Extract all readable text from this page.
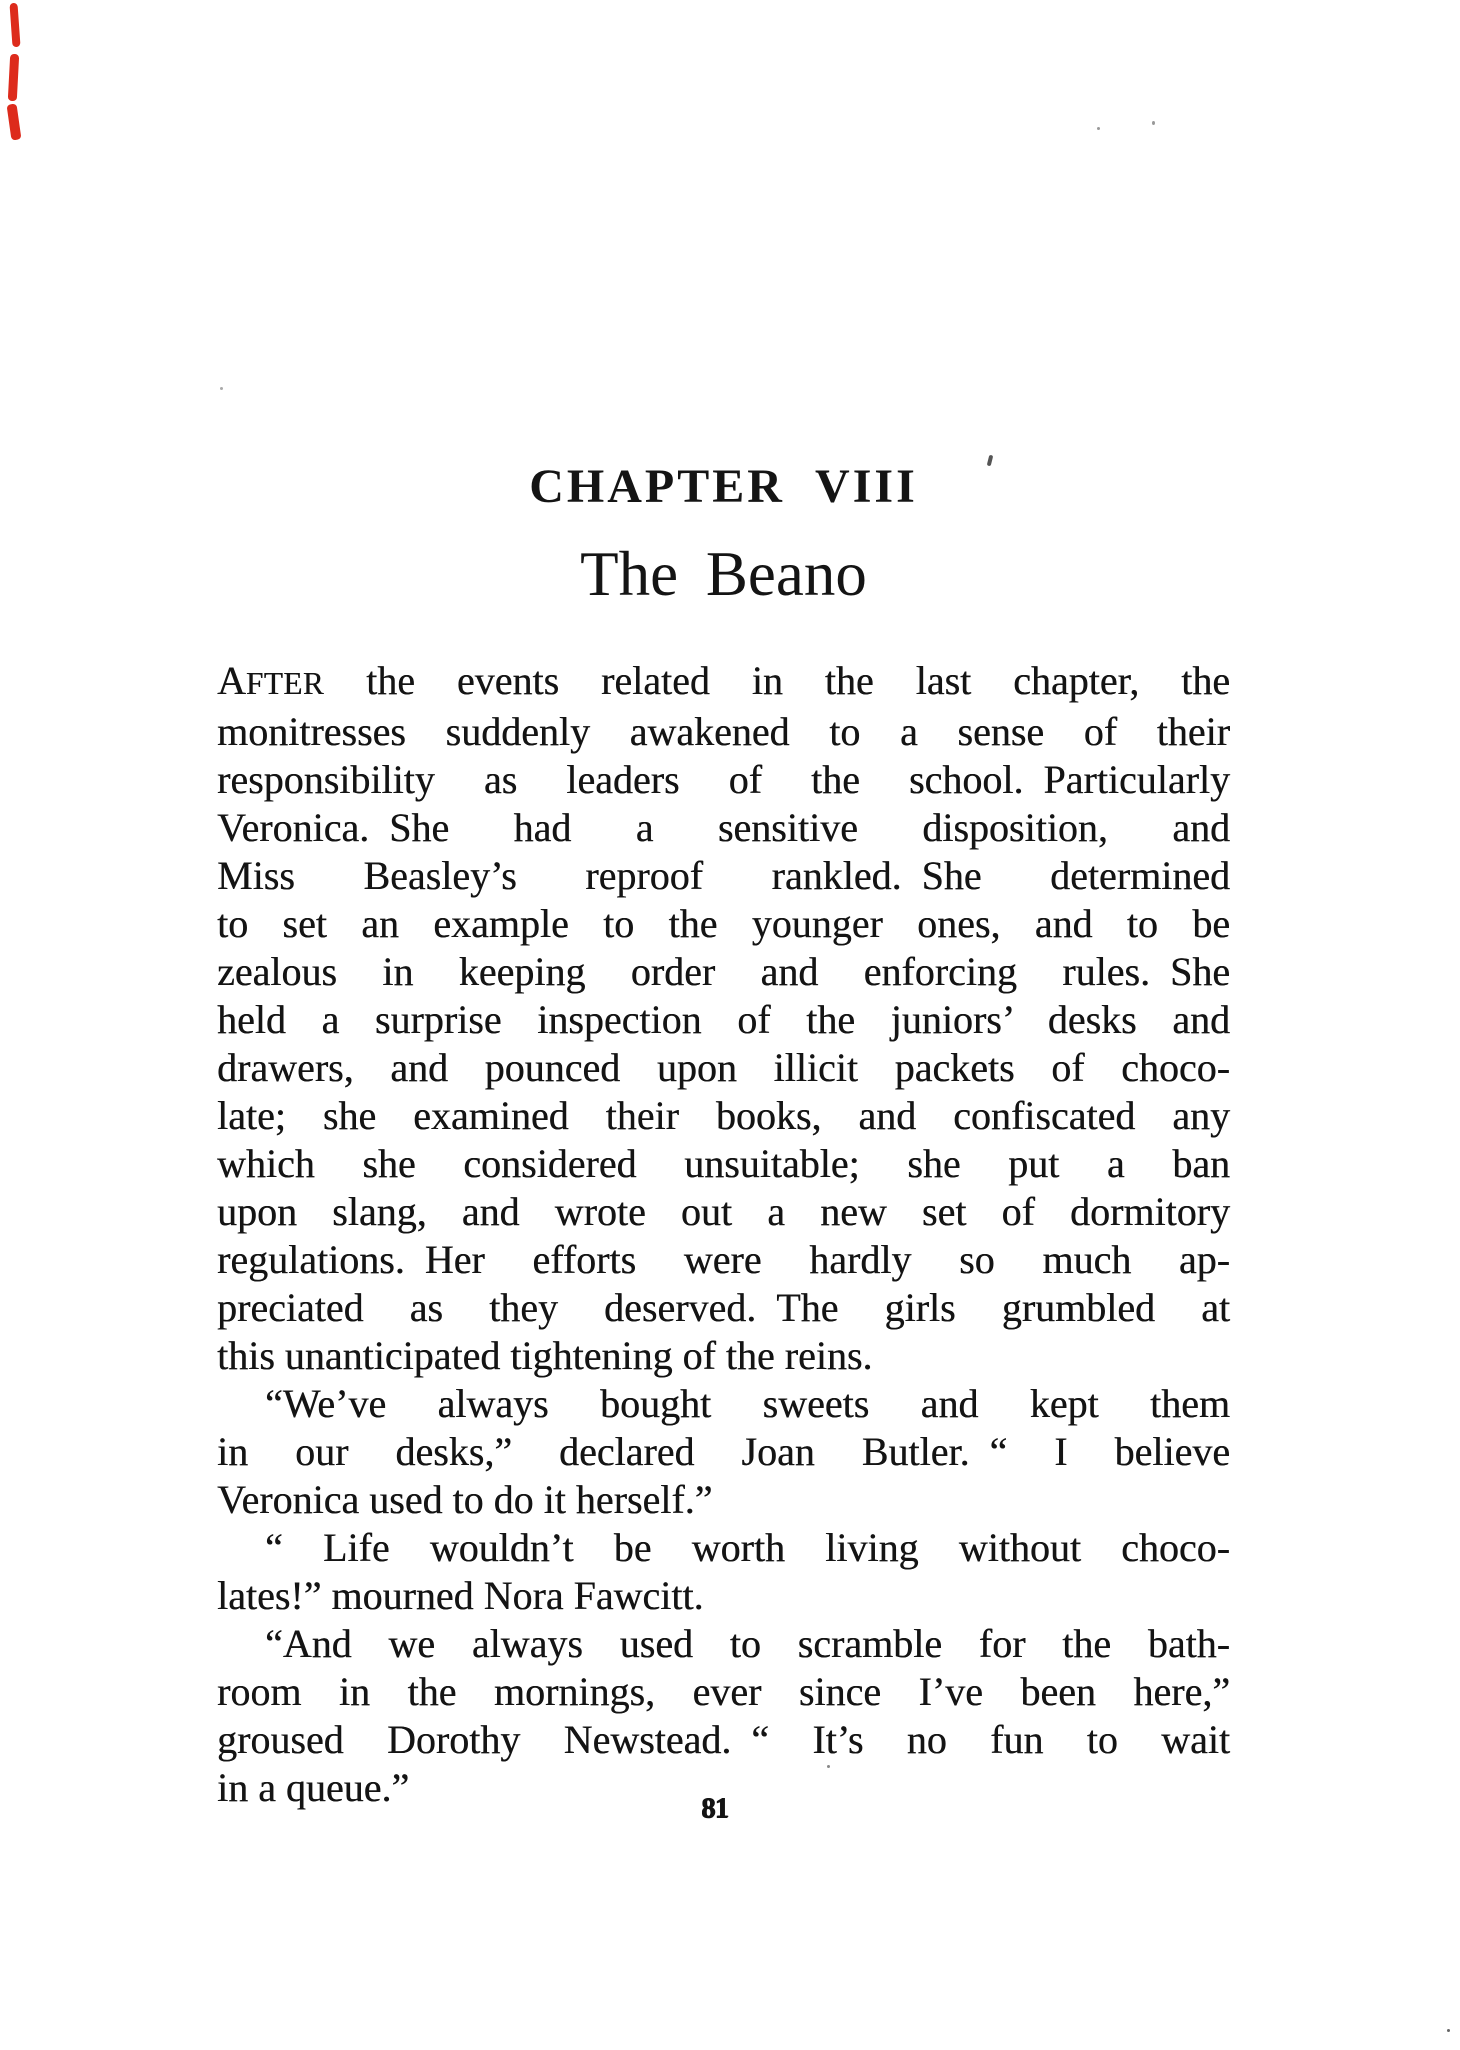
CHAPTER VIII
The Beano
AFTER the events related in the last chapter, the
monitresses suddenly awakened to a sense of their
responsibility as leaders of the school. Particularly
Veronica. She had a sensitive disposition, and
Miss Beasley’s reproof rankled. She determined
to set an example to the younger ones, and to be
zealous in keeping order and enforcing rules. She
held a surprise inspection of the juniors’ desks and
drawers, and pounced upon illicit packets of choco-
late; she examined their books, and confiscated any
which she considered unsuitable; she put a ban
upon slang, and wrote out a new set of dormitory
regulations. Her efforts were hardly so much ap-
preciated as they deserved. The girls grumbled at
this unanticipated tightening of the reins.
“We’ve always bought sweets and kept them
in our desks,” declared Joan Butler. “ I believe
Veronica used to do it herself.”
“ Life wouldn’t be worth living without choco-
lates!” mourned Nora Fawcitt.
“And we always used to scramble for the bath-
room in the mornings, ever since I’ve been here,”
groused Dorothy Newstead. “ It’s no fun to wait
in a queue.”	81
